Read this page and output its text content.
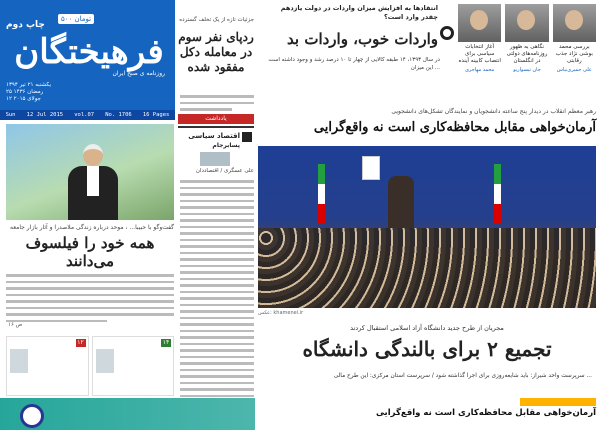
چاپ دوم
۵۰۰ تومان
فرهیختگان
روزنامه ی صبح ایران
یکشنبه ۲۱ تیر ۱۳۹۴
۲۵ رمضان ۱۴۳۶
۱۲ جولای ۲۰۱۵
Sun 12 Jul 2015 vol.07 No. 1706 16 Pages
گفت‌وگو با حبیبا... ، موحد درباره زندگی ملاصدرا و آثار بازار جامعه
همه خود را فیلسوف می‌دانند
ص ۱۶
۱۲	۱۴
جزئیات تازه از یک تخلف گسترده
ردپای نفر سوم در معامله دکل مفقود شده
یادداشت
اقتصاد سیاسی
پسابرجام
علی عسگری / اقتصاددان
انتقادها به افزایش میزان واردات در دولت یازدهم چقدر وارد است؟
واردات خوب، واردات بد
در سال ۱۳۹۳، ۱۴ طبقه کالایی از چهار تا ۱۰ درصد رشد و وجود داشته است این میزان ...
آغاز انتخابات سیاسی برای انتصاب کابینه آینده
محمد مهاجری
نگاهی به ظهور روزنامه‌های دولتی در انگلستان
جان تیسواریو
بررسی محمد بوشی نژاد جذب رقابتی
علی حمیری‌نیاس
رهبر معظم انقلاب در دیدار پنج ساعته دانشجویان و نمایندگان تشکل‌های دانشجویی
آرمان‌خواهی مقابل محافظه‌کاری است نه واقع‌گرایی
عکس: khamenei.ir
مجریان از طرح جدید دانشگاه آزاد اسلامی استقبال کردند
تجمیع ۲ برای بالندگی دانشگاه
سرپرست واحد شیراز: باید شایعه‌روزی برای اجرا گذاشته شود / سرپرست استان مرکزی: این طرح مالی ...
آرمان‌خواهی مقابل محافظه‌کاری است نه واقع‌گرایی
